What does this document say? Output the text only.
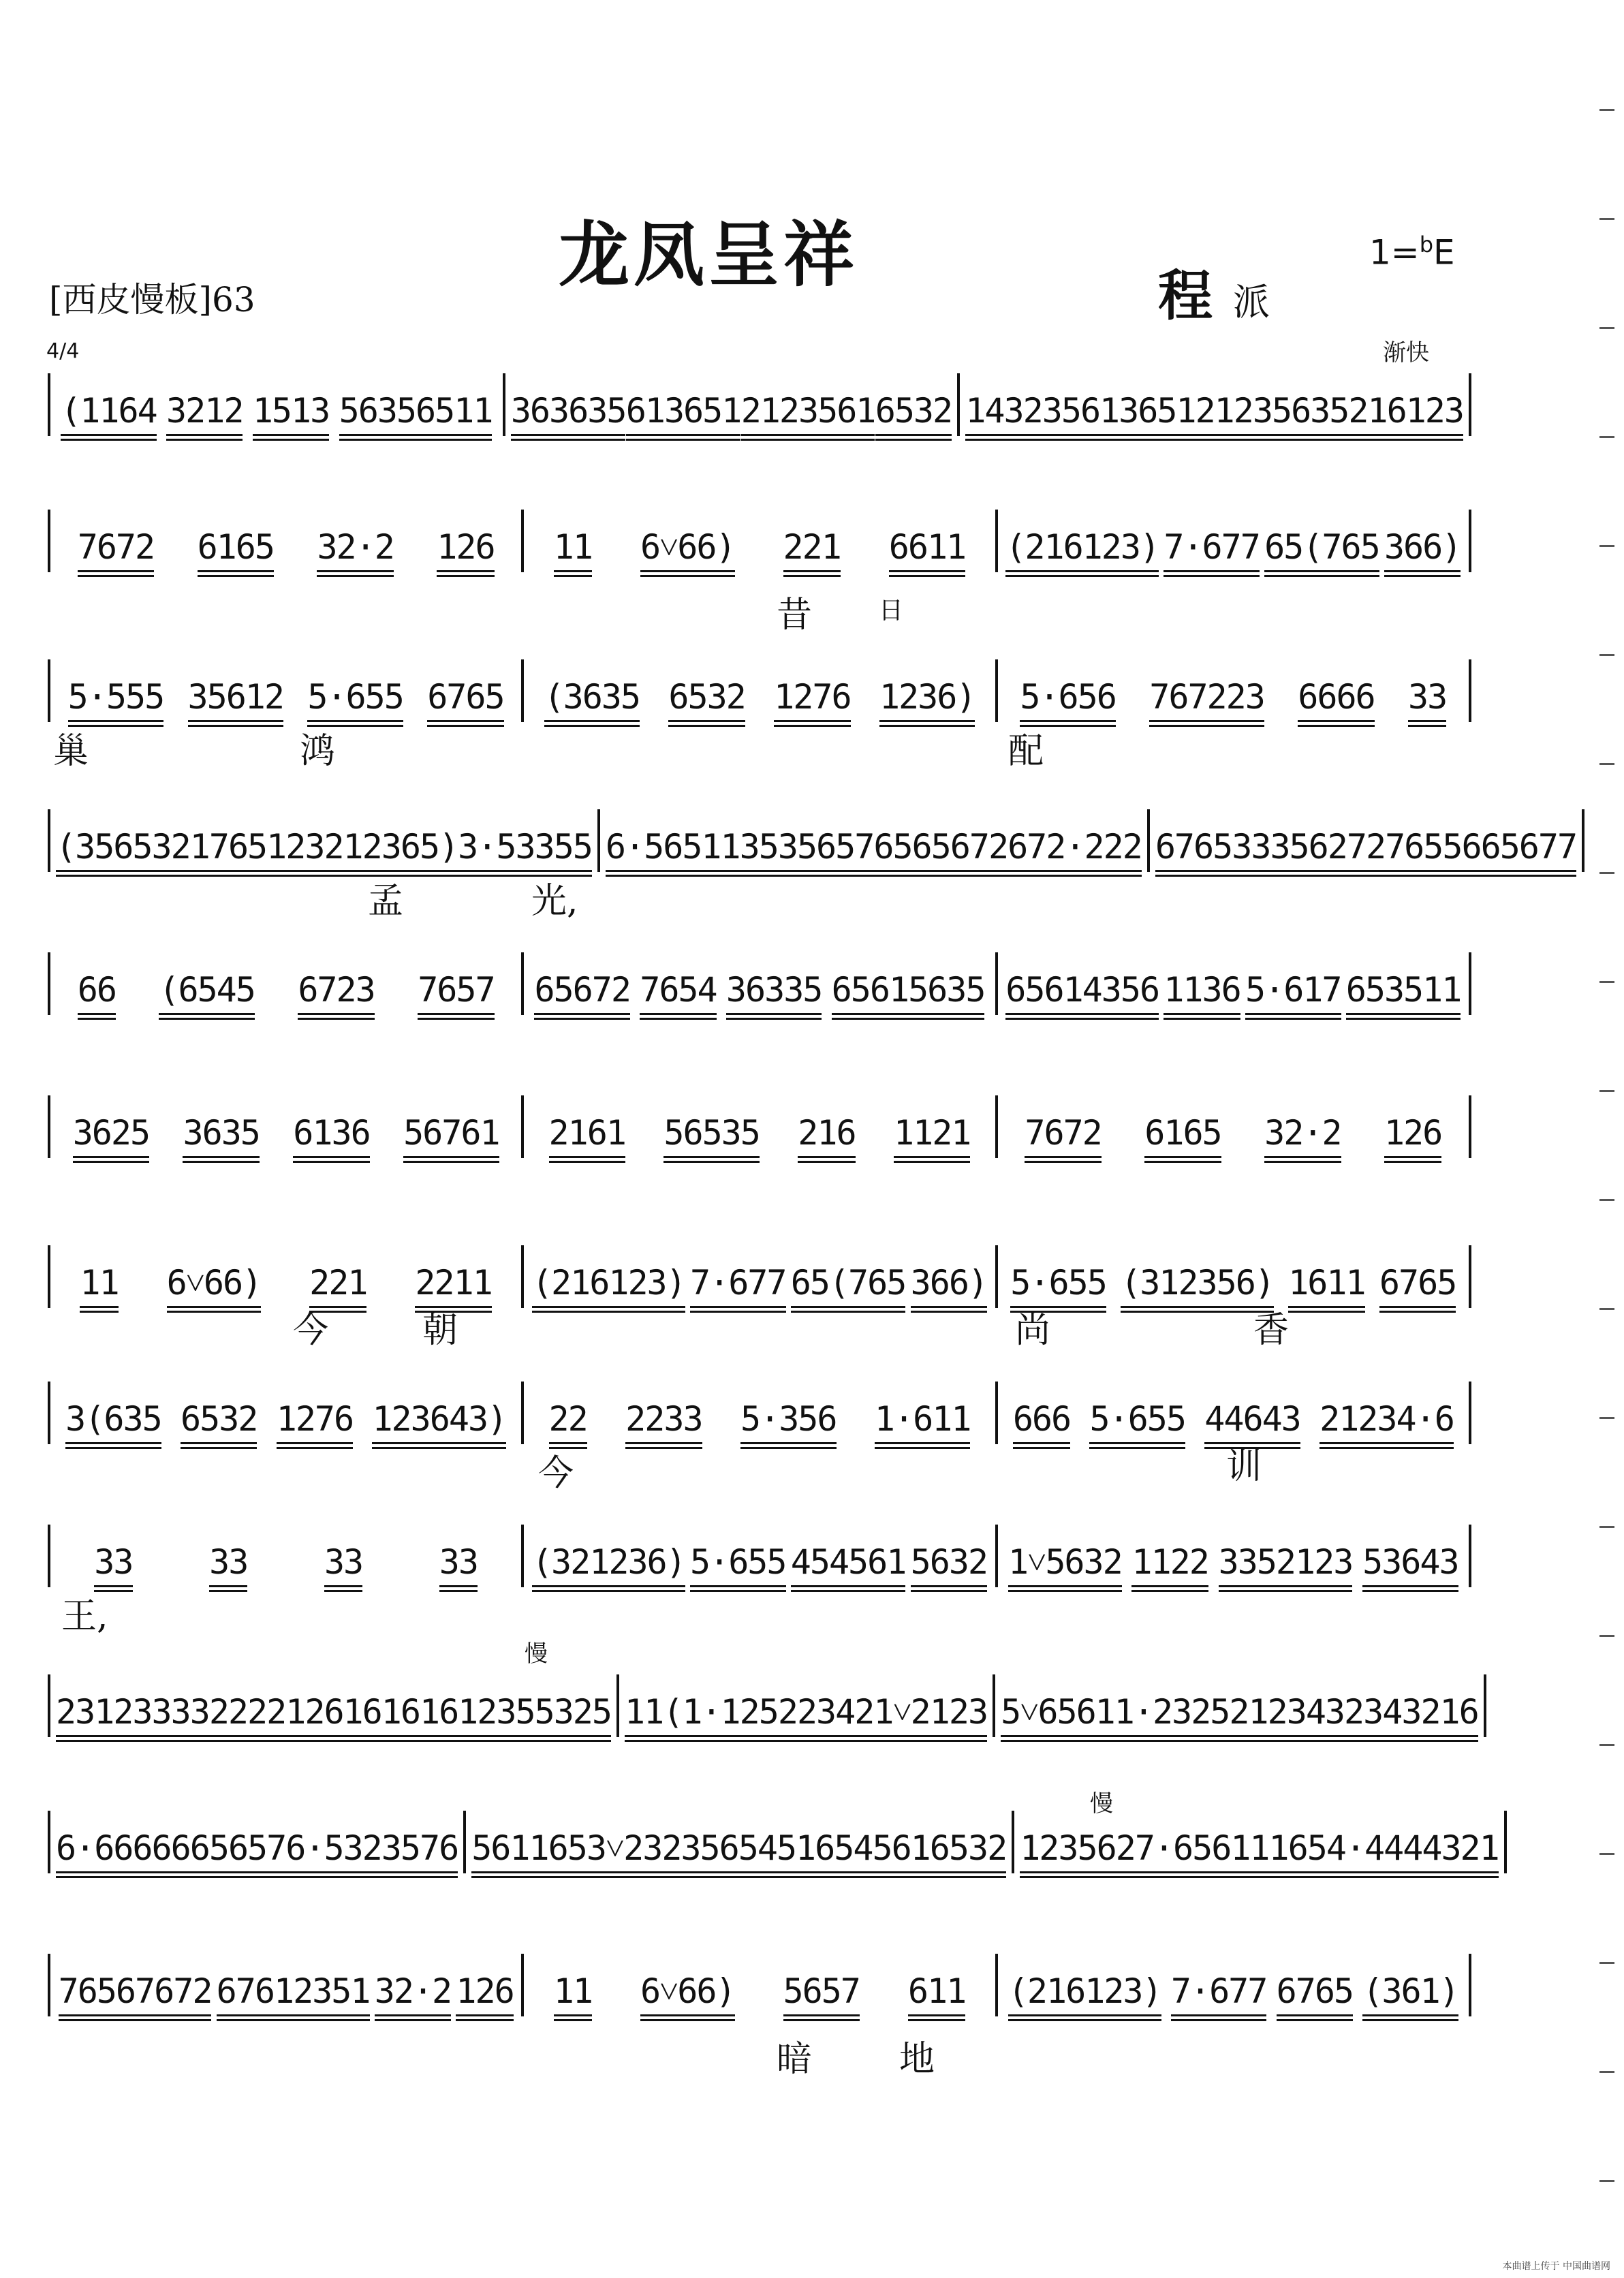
龙凤呈祥	程 派
1=$^b$E
[西皮慢板]63
4/4	渐快
慢
慢
(1164 3212 1513 56356511 363635 613651 2123561 6532 143235 613651 21235635 216123
7672 6165 32·2 126 11 6˅66) 221 6611 (216123) 7·677 65(765 366)
5·555 35612 5·655 6765 (3635 6532 1276 1236) 5·656 767223 6666 33
(35653217 65123212 365)3·5 3355 6·5651 13535 65765656 72672·222 6765 3335 627276 55665677
66 (6545 6723 7657 65672 7654 36335 65615635 65614356 1136 5·617 653511
3625 3635 6136 56761 2161 56535 216 1121 7672 6165 32·2 126
11 6˅66) 221 2211 (216123) 7·677 65(765 366) 5·655 (312356) 1611 6765
3(635 6532 1276 123643) 22 2233 5·356 1·611 666 5·655 44643 21234·6
33 33 33 33 (321236) 5·655 454561 5632 1˅5632 1122 3352123 53643
23123333 222212 61616161 2355325 11 (1·125 22342 1˅2123 5˅6561 1·2325 212343 2343216
6·666 6665 6576·5 323576 561165 3˅23235 6545165 45616532 1235 627·6 5611165 4·4444321
76567672 67612351 32·2 126 11 6˅66) 5657 611 (216123) 7·677 6765 (361)
昔	日
巢	鸿	配
孟	光,
今	朝	尚	香
今	训
王,
暗 地
本曲谱上传于 中国曲谱网
